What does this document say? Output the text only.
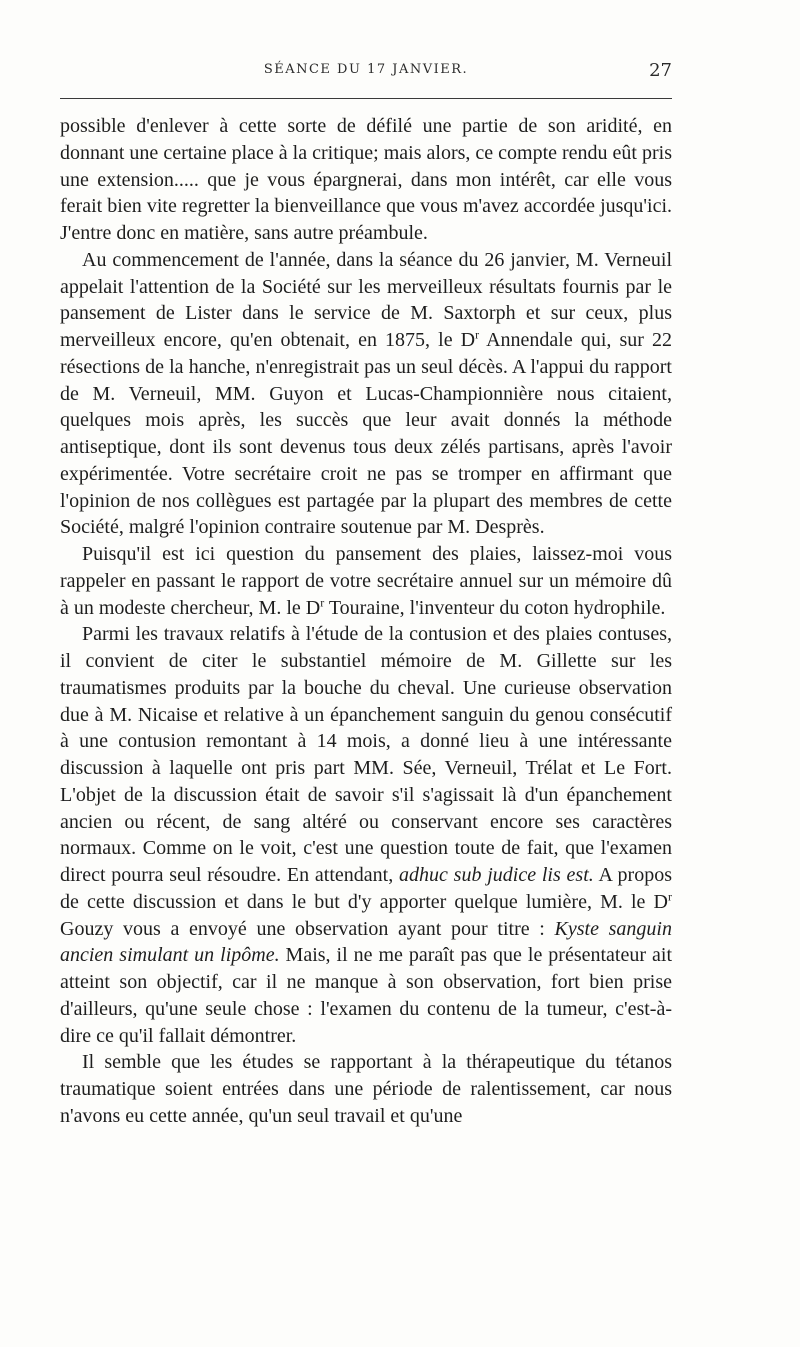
SÉANCE DU 17 JANVIER.	27

possible d'enlever à cette sorte de défilé une partie de son aridité, en donnant une certaine place à la critique; mais alors, ce compte rendu eût pris une extension..... que je vous épargnerai, dans mon intérêt, car elle vous ferait bien vite regretter la bienveillance que vous m'avez accordée jusqu'ici. J'entre donc en matière, sans autre préambule.

Au commencement de l'année, dans la séance du 26 janvier, M. Verneuil appelait l'attention de la Société sur les merveilleux résultats fournis par le pansement de Lister dans le service de M. Saxtorph et sur ceux, plus merveilleux encore, qu'en obtenait, en 1875, le $D^r$ Annendale qui, sur 22 résections de la hanche, n'enregistrait pas un seul décès. A l'appui du rapport de M. Verneuil, MM. Guyon et Lucas-Championnière nous citaient, quelques mois après, les succès que leur avait donnés la méthode antiseptique, dont ils sont devenus tous deux zélés partisans, après l'avoir expérimentée. Votre secrétaire croit ne pas se tromper en affirmant que l'opinion de nos collègues est partagée par la plupart des membres de cette Société, malgré l'opinion contraire soutenue par M. Desprès.

Puisqu'il est ici question du pansement des plaies, laissez-moi vous rappeler en passant le rapport de votre secrétaire annuel sur un mémoire dû à un modeste chercheur, M. le $D^r$ Touraine, l'inventeur du coton hydrophile.

Parmi les travaux relatifs à l'étude de la contusion et des plaies contuses, il convient de citer le substantiel mémoire de M. Gillette sur les traumatismes produits par la bouche du cheval. Une curieuse observation due à M. Nicaise et relative à un épanchement sanguin du genou consécutif à une contusion remontant à 14 mois, a donné lieu à une intéressante discussion à laquelle ont pris part MM. Sée, Verneuil, Trélat et Le Fort. L'objet de la discussion était de savoir s'il s'agissait là d'un épanchement ancien ou récent, de sang altéré ou conservant encore ses caractères normaux. Comme on le voit, c'est une question toute de fait, que l'examen direct pourra seul résoudre. En attendant, adhuc sub judice lis est. A propos de cette discussion et dans le but d'y apporter quelque lumière, M. le $D^r$ Gouzy vous a envoyé une observation ayant pour titre : Kyste sanguin ancien simulant un lipôme. Mais, il ne me paraît pas que le présentateur ait atteint son objectif, car il ne manque à son observation, fort bien prise d'ailleurs, qu'une seule chose : l'examen du contenu de la tumeur, c'est-à-dire ce qu'il fallait démontrer.

Il semble que les études se rapportant à la thérapeutique du tétanos traumatique soient entrées dans une période de ralentissement, car nous n'avons eu cette année, qu'un seul travail et qu'une
